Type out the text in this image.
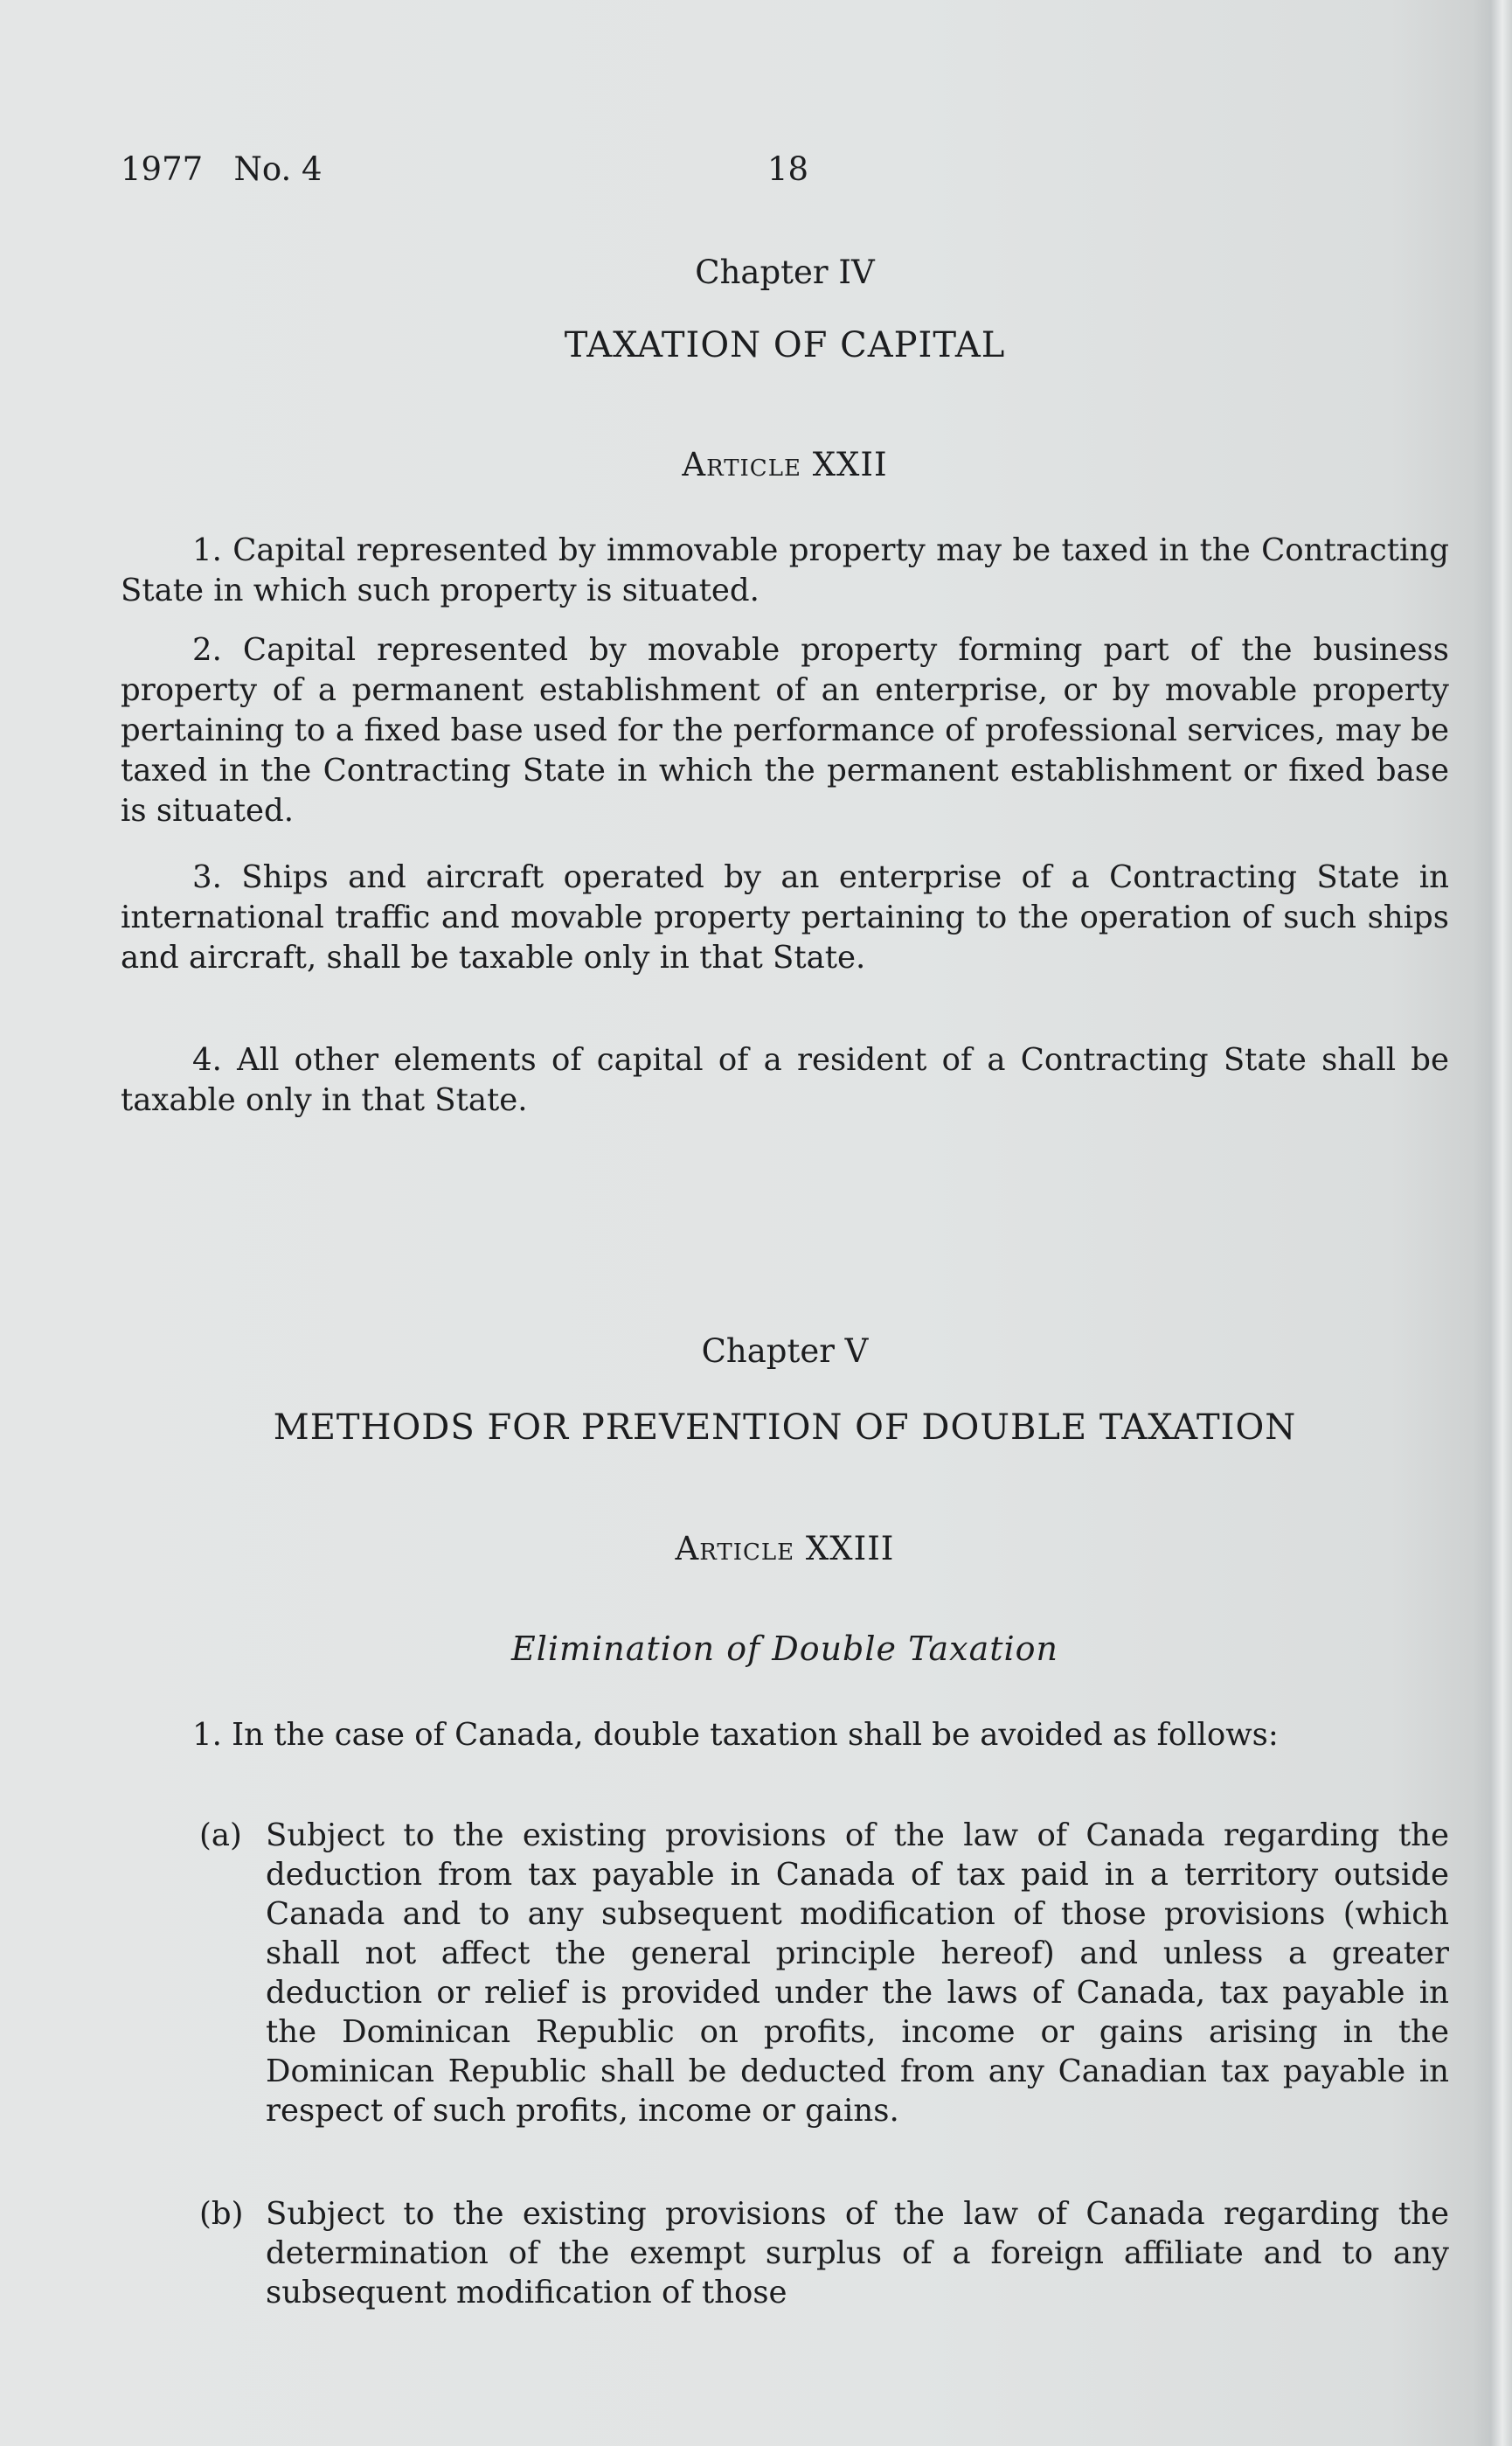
1977   No. 4	18
Chapter IV
TAXATION OF CAPITAL
Article XXII

1. Capital represented by immovable property may be taxed in the Contracting State in which such property is situated.

2. Capital represented by movable property forming part of the business property of a permanent establishment of an enterprise, or by movable property pertaining to a fixed base used for the performance of professional services, may be taxed in the Contracting State in which the permanent establishment or fixed base is situated.

3. Ships and aircraft operated by an enterprise of a Contracting State in international traffic and movable property pertaining to the operation of such ships and aircraft, shall be taxable only in that State.

4. All other elements of capital of a resident of a Contracting State shall be taxable only in that State.

Chapter V
METHODS FOR PREVENTION OF DOUBLE TAXATION
Article XXIII
Elimination of Double Taxation

1. In the case of Canada, double taxation shall be avoided as follows:

(a) Subject to the existing provisions of the law of Canada regarding the deduction from tax payable in Canada of tax paid in a territory outside Canada and to any subsequent modification of those provisions (which shall not affect the general principle hereof) and unless a greater deduction or relief is provided under the laws of Canada, tax payable in the Dominican Republic on profits, income or gains arising in the Dominican Republic shall be deducted from any Canadian tax payable in respect of such profits, income or gains.
(b) Subject to the existing provisions of the law of Canada regarding the determination of the exempt surplus of a foreign affiliate and to any subsequent modification of those
